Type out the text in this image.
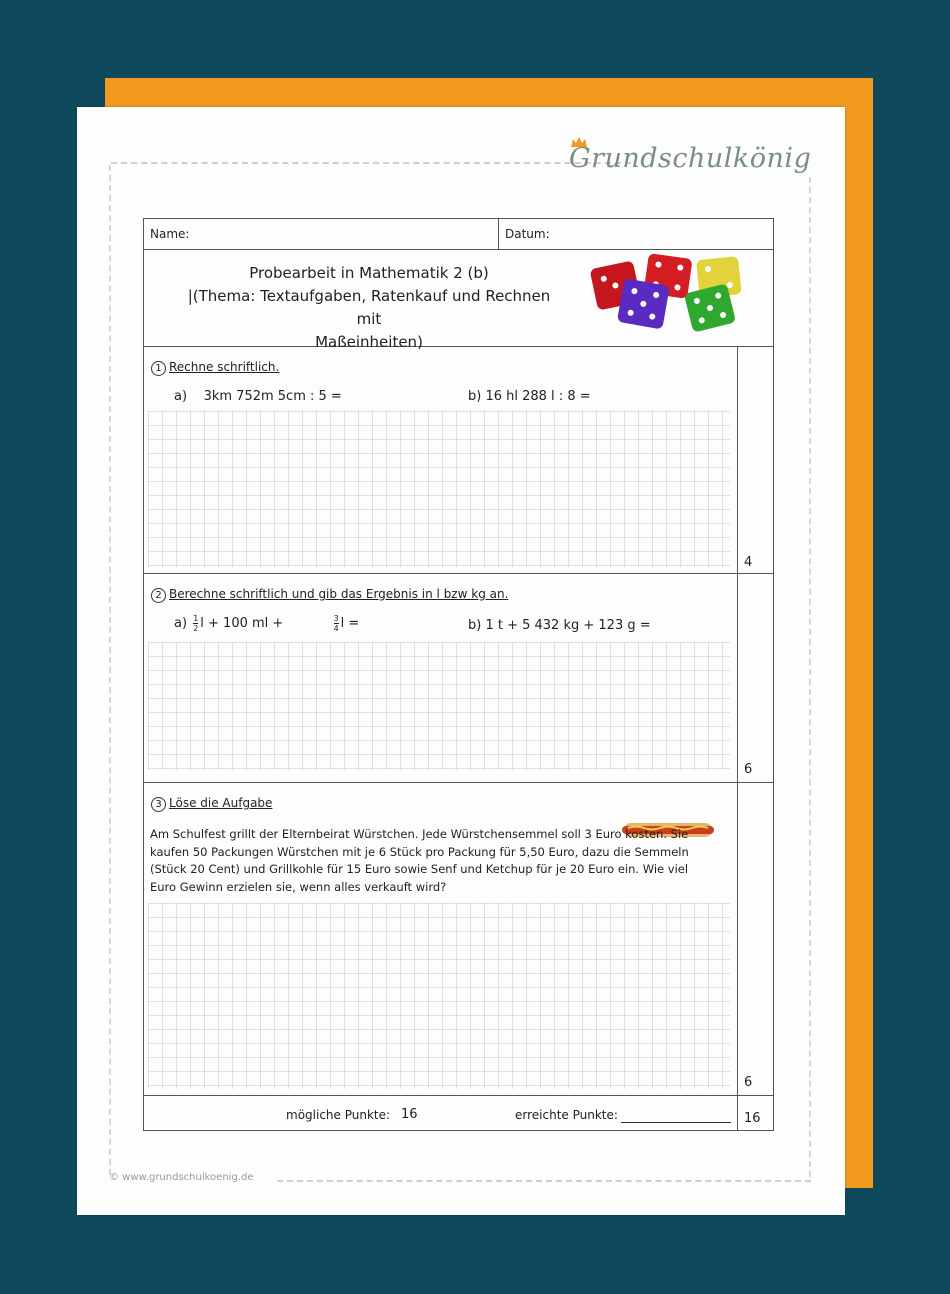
Grundschulkönig
© www.grundschulkoenig.de
Name:	Datum:
Probearbeit in Mathematik 2 (b)
|(Thema: Textaufgaben, Ratenkauf und Rechnen mit
Maßeinheiten)
1 Rechne schriftlich.
a) 3km 752m 5cm : 5 =	b) 16 hl 288 l : 8 =
4
2 Berechne schriftlich und gib das Ergebnis in l bzw kg an.
$a) \frac{1}{2}$ l + 100 ml +	$\frac{3}{4}$ l =	b) 1 t + 5 432 kg + 123 g =
6
3 Löse die Aufgabe
Am Schulfest grillt der Elternbeirat Würstchen. Jede Würstchensemmel soll 3 Euro kosten. Sie kaufen 50 Packungen Würstchen mit je 6 Stück pro Packung für 5,50 Euro, dazu die Semmeln (Stück 20 Cent) und Grillkohle für 15 Euro sowie Senf und Ketchup für je 20 Euro ein. Wie viel Euro Gewinn erzielen sie, wenn alles verkauft wird?
6
mögliche Punkte: 16	erreichte Punkte:	16
